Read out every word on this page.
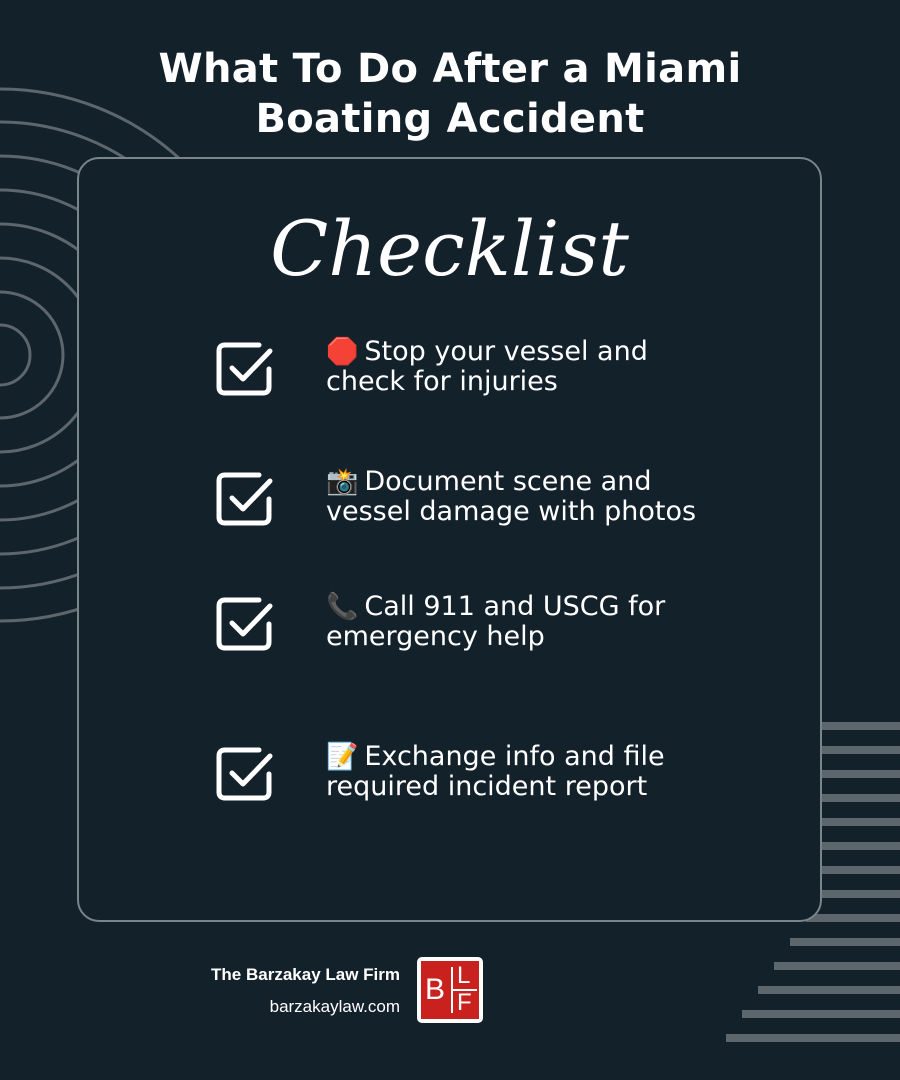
What To Do After a Miami
Boating Accident
Checklist
🛑 Stop your vessel and
check for injuries
📸 Document scene and
vessel damage with photos
📞 Call 911 and USCG for
emergency help
📝 Exchange info and file
required incident report
The Barzakay Law Firm
barzakaylaw.com
B L
F
